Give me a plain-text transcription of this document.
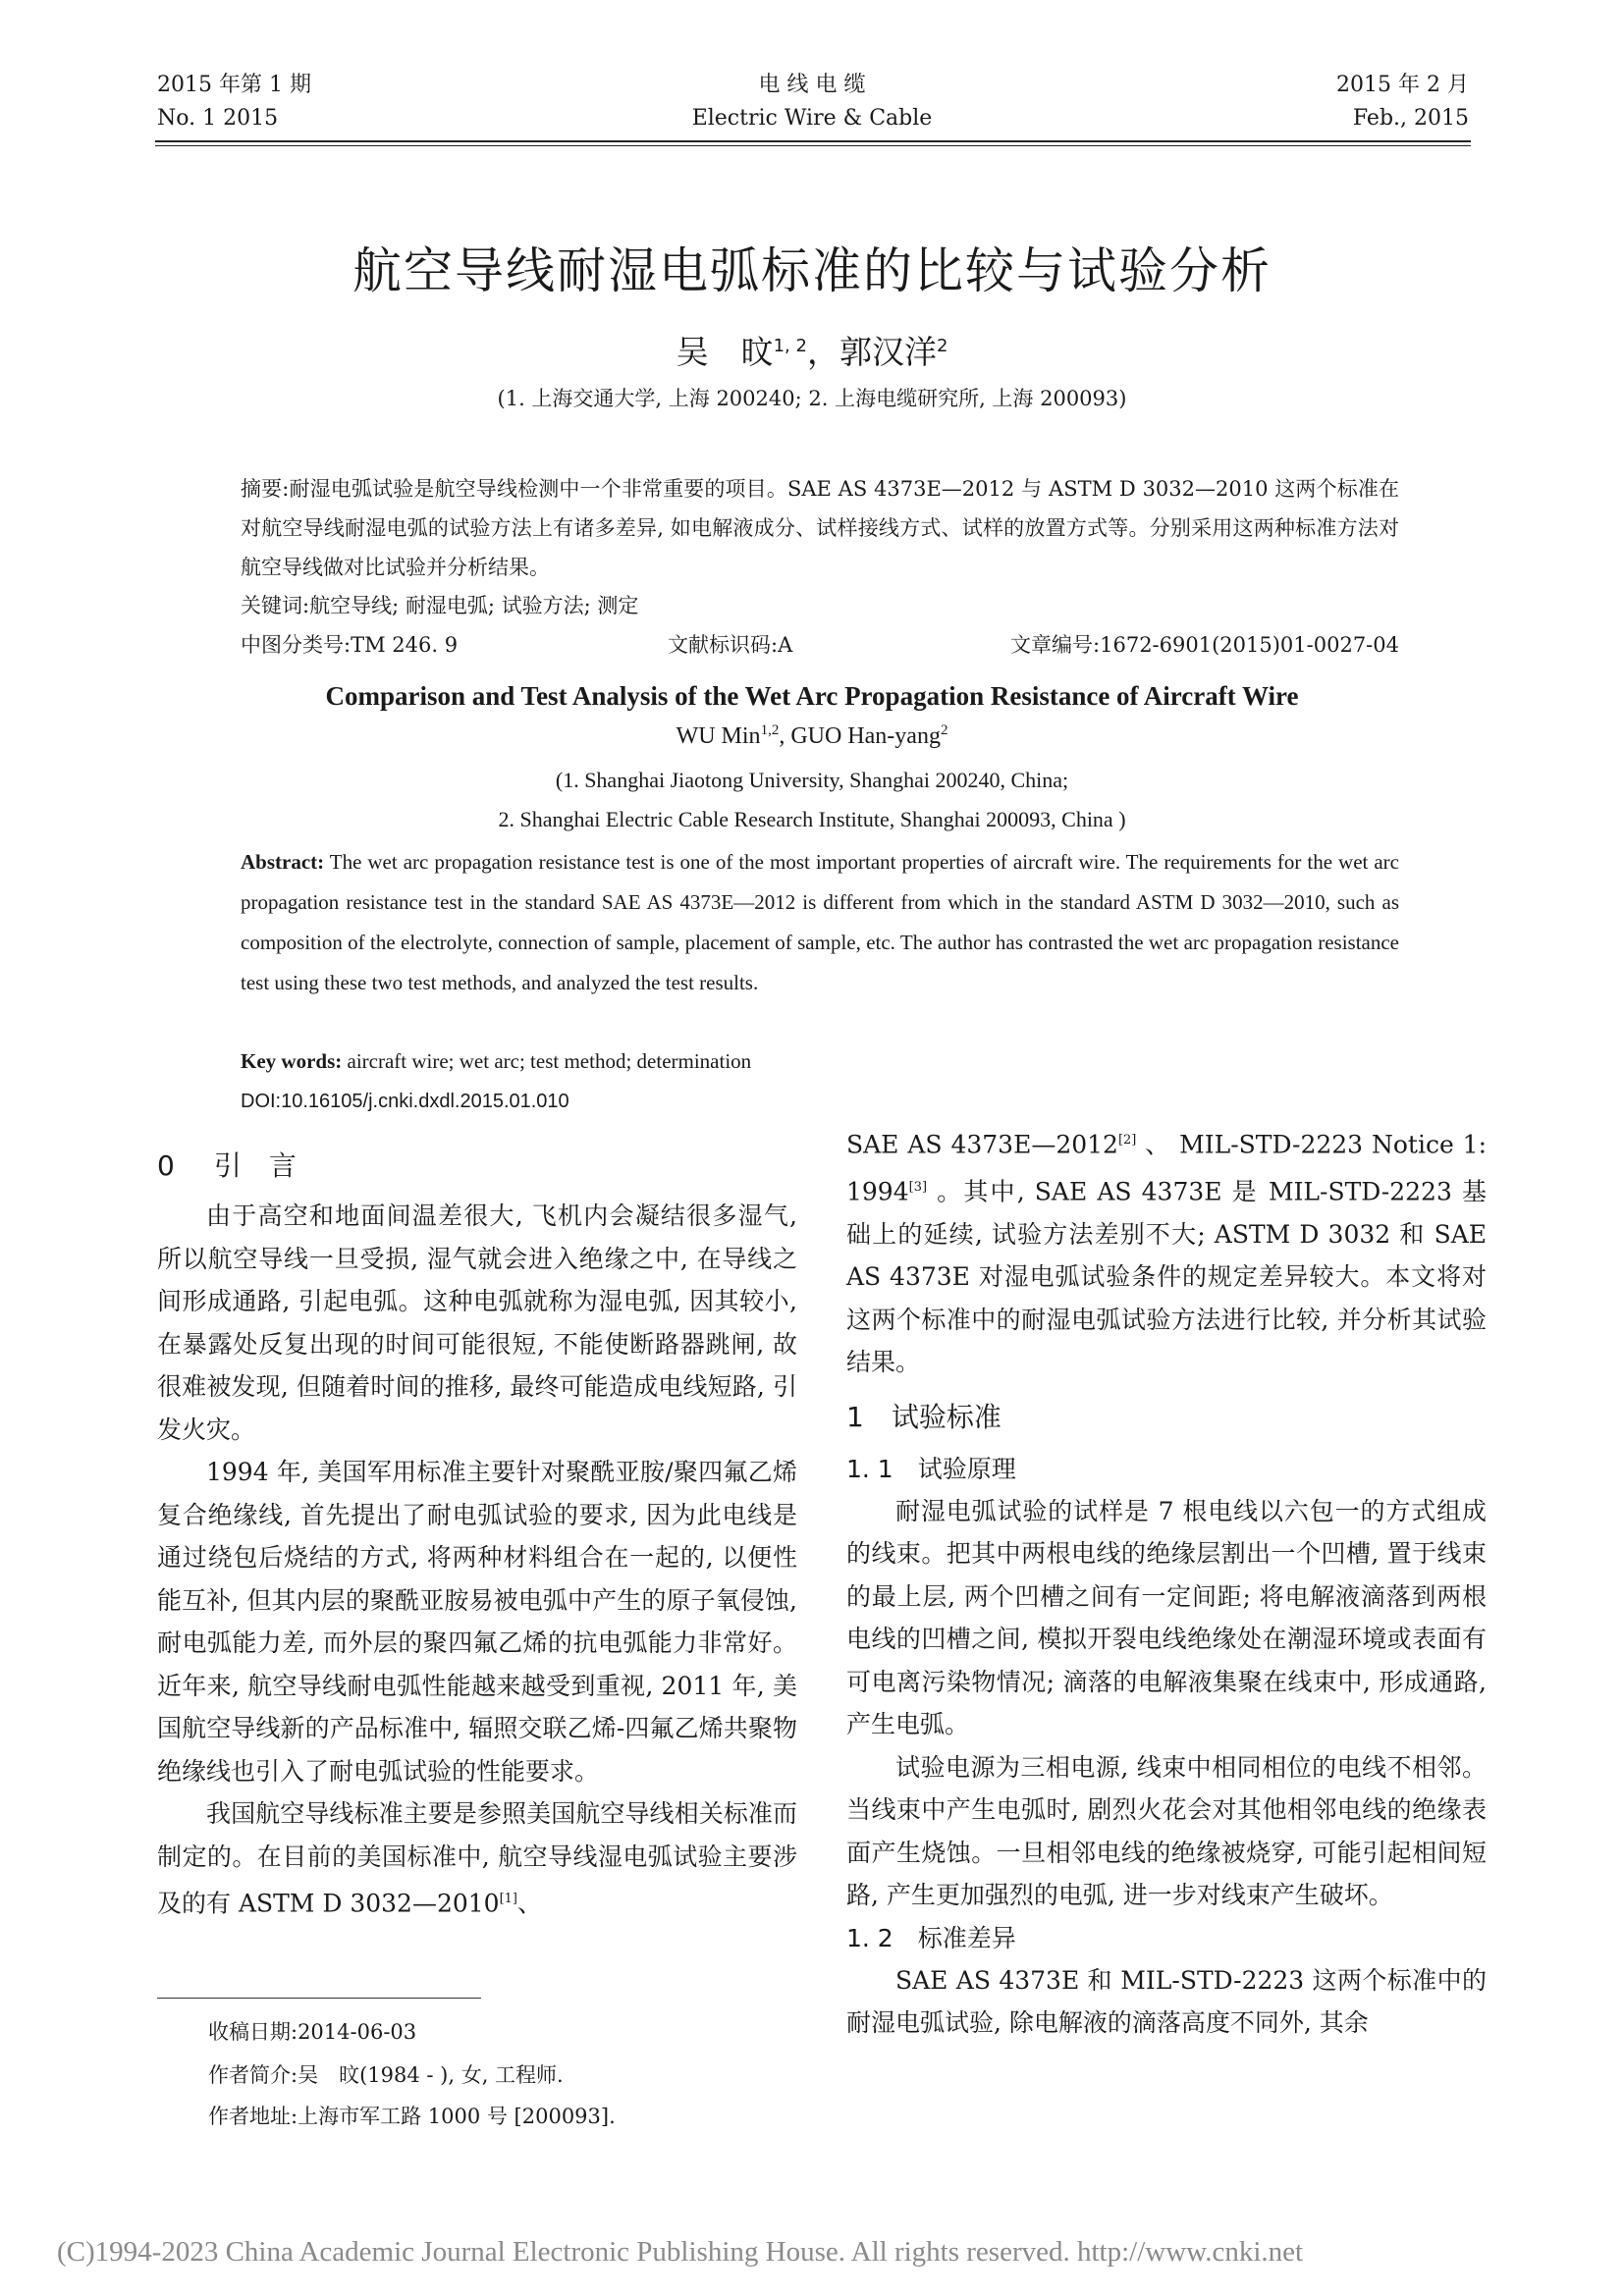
2015 年第 1 期
No. 1 2015
电 线 电 缆
Electric Wire & Cable
2015 年 2 月
Feb., 2015
航空导线耐湿电弧标准的比较与试验分析
吴　旼$^{1, 2}$，郭汉洋$^2$
(1. 上海交通大学, 上海 200240; 2. 上海电缆研究所, 上海 200093)
摘要:耐湿电弧试验是航空导线检测中一个非常重要的项目。SAE AS 4373E—2012 与 ASTM D 3032—2010 这两个标准在对航空导线耐湿电弧的试验方法上有诸多差异, 如电解液成分、试样接线方式、试样的放置方式等。分别采用这两种标准方法对航空导线做对比试验并分析结果。
关键词:航空导线; 耐湿电弧; 试验方法; 测定
中图分类号:TM 246. 9	文献标识码:A	文章编号:1672-6901(2015)01-0027-04
Comparison and Test Analysis of the Wet Arc Propagation Resistance of Aircraft Wire
WU Min$^{1,2}$, GUO Han-yang$^2$
(1. Shanghai Jiaotong University, Shanghai 200240, China;
2. Shanghai Electric Cable Research Institute, Shanghai 200093, China )
Abstract: The wet arc propagation resistance test is one of the most important properties of aircraft wire. The requirements for the wet arc propagation resistance test in the standard SAE AS 4373E—2012 is different from which in the standard ASTM D 3032—2010, such as composition of the electrolyte, connection of sample, placement of sample, etc. The author has contrasted the wet arc propagation resistance test using these two test methods, and analyzed the test results.
Key words: aircraft wire; wet arc; test method; determination
DOI:10.16105/j.cnki.dxdl.2015.01.010
0 引　言

由于高空和地面间温差很大, 飞机内会凝结很多湿气, 所以航空导线一旦受损, 湿气就会进入绝缘之中, 在导线之间形成通路, 引起电弧。这种电弧就称为湿电弧, 因其较小, 在暴露处反复出现的时间可能很短, 不能使断路器跳闸, 故很难被发现, 但随着时间的推移, 最终可能造成电线短路, 引发火灾。

1994 年, 美国军用标准主要针对聚酰亚胺/聚四氟乙烯复合绝缘线, 首先提出了耐电弧试验的要求, 因为此电线是通过绕包后烧结的方式, 将两种材料组合在一起的, 以便性能互补, 但其内层的聚酰亚胺易被电弧中产生的原子氧侵蚀, 耐电弧能力差, 而外层的聚四氟乙烯的抗电弧能力非常好。近年来, 航空导线耐电弧性能越来越受到重视, 2011 年, 美国航空导线新的产品标准中, 辐照交联乙烯-四氟乙烯共聚物绝缘线也引入了耐电弧试验的性能要求。

我国航空导线标准主要是参照美国航空导线相关标准而制定的。在目前的美国标准中, 航空导线湿电弧试验主要涉及的有 ASTM D 3032—2010[1]、

SAE AS 4373E—2012[2] 、 MIL-STD-2223 Notice 1: 1994[3] 。其中, SAE AS 4373E 是 MIL-STD-2223 基础上的延续, 试验方法差别不大; ASTM D 3032 和 SAE AS 4373E 对湿电弧试验条件的规定差异较大。本文将对这两个标准中的耐湿电弧试验方法进行比较, 并分析其试验结果。

1　试验标准
1. 1　试验原理

耐湿电弧试验的试样是 7 根电线以六包一的方式组成的线束。把其中两根电线的绝缘层割出一个凹槽, 置于线束的最上层, 两个凹槽之间有一定间距; 将电解液滴落到两根电线的凹槽之间, 模拟开裂电线绝缘处在潮湿环境或表面有可电离污染物情况; 滴落的电解液集聚在线束中, 形成通路, 产生电弧。

试验电源为三相电源, 线束中相同相位的电线不相邻。当线束中产生电弧时, 剧烈火花会对其他相邻电线的绝缘表面产生烧蚀。一旦相邻电线的绝缘被烧穿, 可能引起相间短路, 产生更加强烈的电弧, 进一步对线束产生破坏。

1. 2　标准差异

SAE AS 4373E 和 MIL-STD-2223 这两个标准中的耐湿电弧试验, 除电解液的滴落高度不同外, 其余

收稿日期:2014-06-03
作者简介:吴　旼(1984 - ), 女, 工程师.
作者地址:上海市军工路 1000 号 [200093].
(C)1994-2023 China Academic Journal Electronic Publishing House. All rights reserved. http://www.cnki.net
